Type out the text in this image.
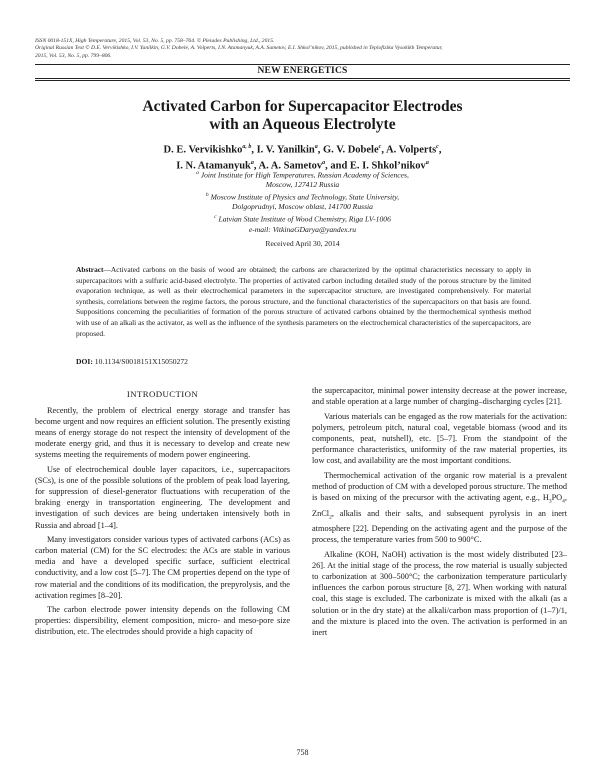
ISSN 0018-151X, High Temperature, 2015, Vol. 53, No. 5, pp. 758–764. © Pleiades Publishing, Ltd., 2015.
Original Russian Text © D.E. Vervikishko, I.V. Yanilkin, G.V. Dobele, A. Volperts, I.N. Atamanyuk, A.A. Sametov, E.I. Shkol’nikov, 2015, published in Teplofizika Vysokikh Temperatur,
2015, Vol. 53, No. 5, pp. 799–806.
NEW ENERGETICS
Activated Carbon for Supercapacitor Electrodes
with an Aqueous Electrolyte
D. E. Vervikishko$^{a, b}$, I. V. Yanilkin$^a$, G. V. Dobele$^c$, A. Volperts$^c$,
I. N. Atamanyuk$^a$, A. A. Sametov$^a$, and E. I. Shkol’nikov$^a$
$^a$ Joint Institute for High Temperatures, Russian Academy of Sciences,
Moscow, 127412 Russia
$^b$ Moscow Institute of Physics and Technology, State University,
Dolgoprudnyi, Moscow oblast, 141700 Russia
$^c$ Latvian State Institute of Wood Chemistry, Riga LV-1006
e-mail: VitkinaGDarya@yandex.ru
Received April 30, 2014
Abstract—Activated carbons on the basis of wood are obtained; the carbons are characterized by the optimal characteristics necessary to apply in supercapacitors with a sulfuric acid-based electrolyte. The properties of activated carbon including detailed study of the porous structure by the limited evaporation technique, as well as their electrochemical parameters in the supercapacitor structure, are investigated comprehensively. For material synthesis, correlations between the regime factors, the porous structure, and the functional characteristics of the supercapacitors on that basis are found. Suppositions concerning the peculiarities of formation of the porous structure of activated carbons obtained by the thermochemical synthesis method with use of an alkali as the activator, as well as the influence of the synthesis parameters on the electrochemical characteristics of the supercapacitors, are proposed.
DOI: 10.1134/S0018151X15050272
INTRODUCTION

Recently, the problem of electrical energy storage and transfer has become urgent and now requires an efficient solution. The presently existing means of energy storage do not respect the intensity of development of the moderate energy grid, and thus it is necessary to develop and create new systems meeting the requirements of modern power engineering.

Use of electrochemical double layer capacitors, i.e., supercapacitors (SCs), is one of the possible solutions of the problem of peak load layering, for suppression of diesel-generator fluctuations with recuperation of the braking energy in transportation engineering. The development and investigation of such devices are being undertaken intensively both in Russia and abroad [1–4].

Many investigators consider various types of activated carbons (ACs) as carbon material (CM) for the SC electrodes: the ACs are stable in various media and have a developed specific surface, sufficient electrical conductivity, and a low cost [5–7]. The CM properties depend on the type of row material and the conditions of its modification, the prepyrolysis, and the activation regimes [8–20].

The carbon electrode power intensity depends on the following CM properties: dispersibility, element composition, micro- and meso-pore size distribution, etc. The electrodes should provide a high capacity of

the supercapacitor, minimal power intensity decrease at the power increase, and stable operation at a large number of charging–discharging cycles [21].

Various materials can be engaged as the row materials for the activation: polymers, petroleum pitch, natural coal, vegetable biomass (wood and its components, peat, nutshell), etc. [5–7]. From the standpoint of the performance characteristics, uniformity of the raw material properties, its low cost, and availability are the most important conditions.

Thermochemical activation of the organic row material is a prevalent method of production of CM with a developed porous structure. The method is based on mixing of the precursor with the activating agent, e.g., $H_3PO_4$, ZnCl$_2$, alkalis and their salts, and subsequent pyrolysis in an inert atmosphere [22]. Depending on the activating agent and the purpose of the process, the temperature varies from 500 to 900°C.

Alkaline (KOH, NaOH) activation is the most widely distributed [23–26]. At the initial stage of the process, the row material is usually subjected to carbonization at 300–500°C; the carbonization temperature particularly influences the carbon porous structure [8, 27]. When working with natural coal, this stage is excluded. The carbonizate is mixed with the alkali (as a solution or in the dry state) at the alkali/carbon mass proportion of (1–7)/1, and the mixture is placed into the oven. The activation is performed in an inert

758
